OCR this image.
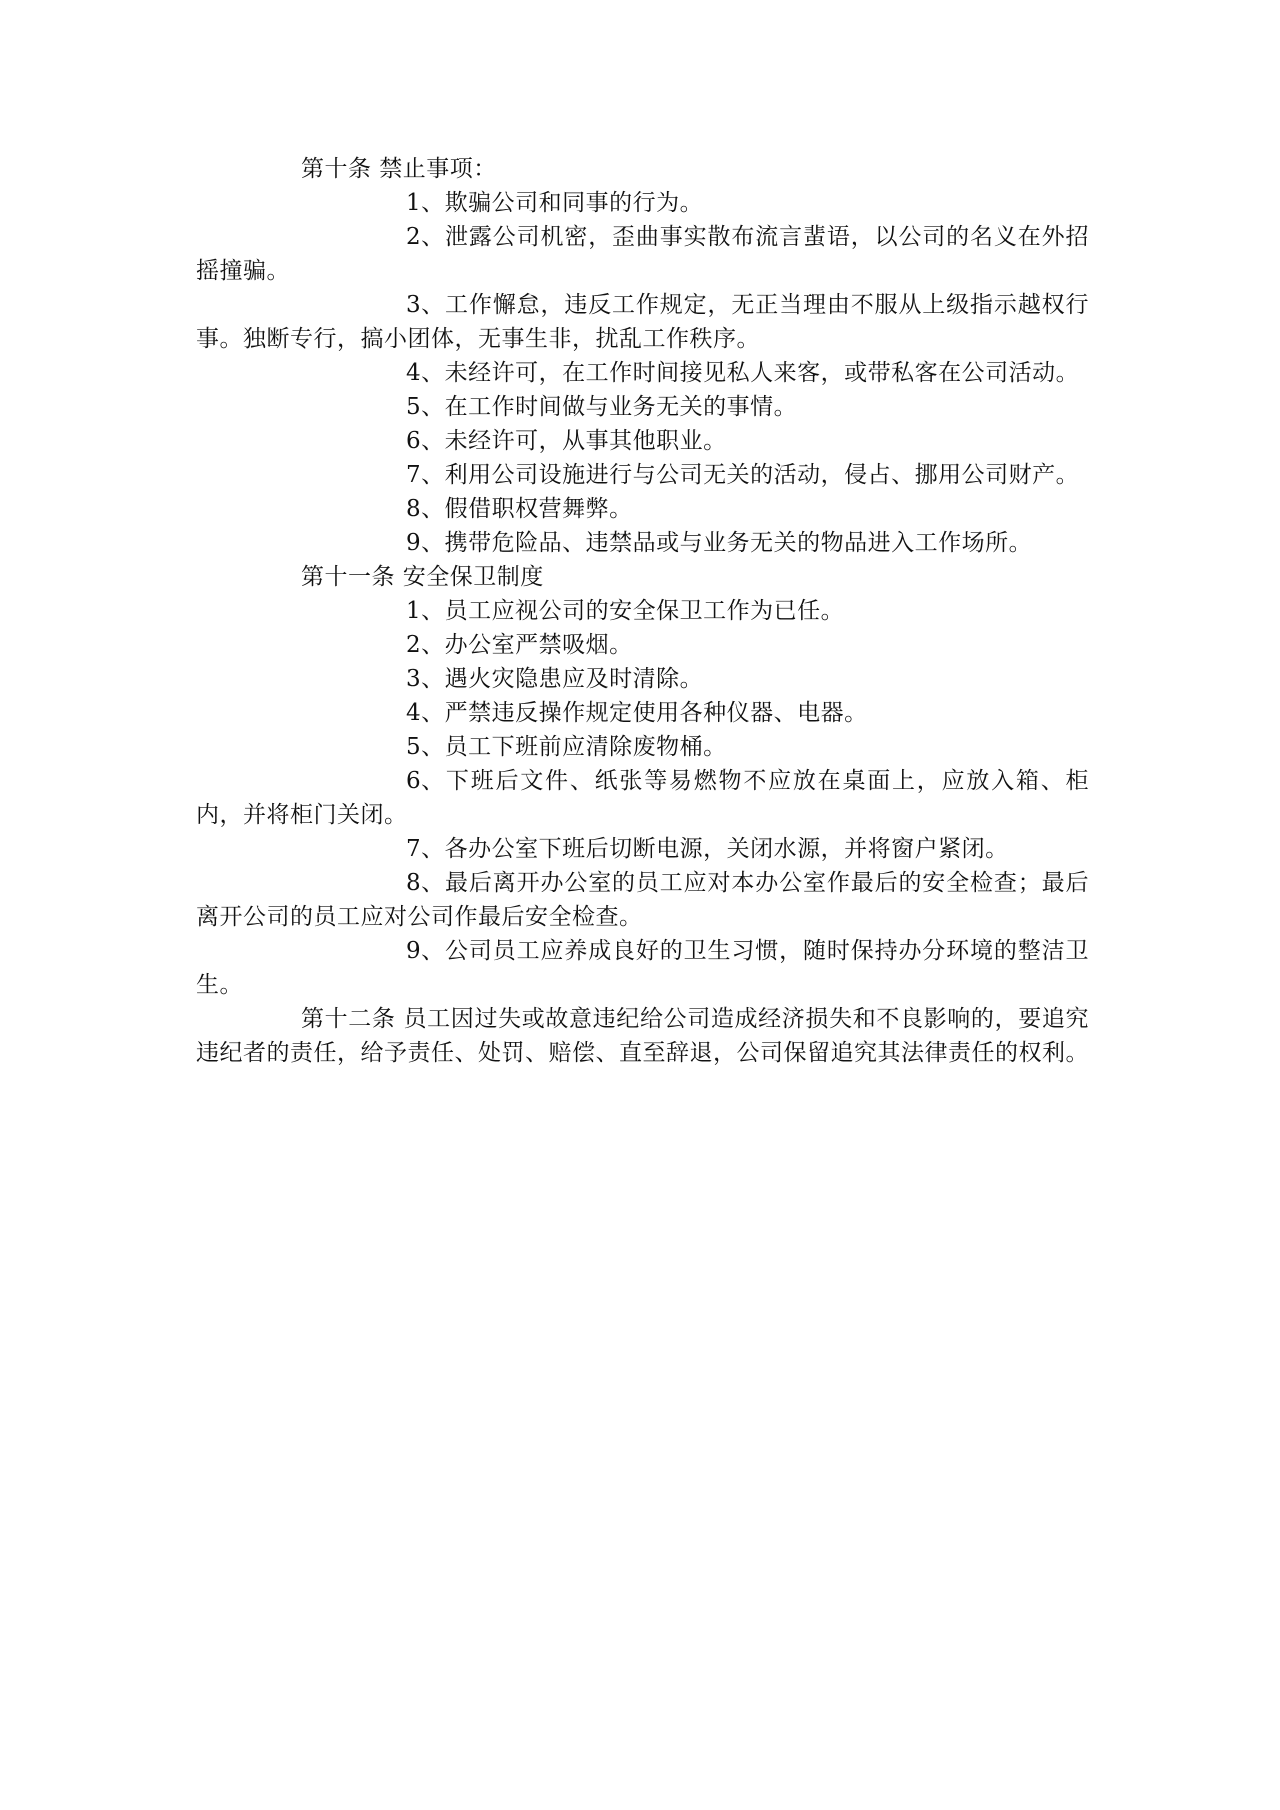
第十条 禁止事项：

1、欺骗公司和同事的行为。

2、泄露公司机密，歪曲事实散布流言蜚语，以公司的名义在外招摇撞骗。

3、工作懈怠，违反工作规定，无正当理由不服从上级指示越权行事。独断专行，搞小团体，无事生非，扰乱工作秩序。

4、未经许可，在工作时间接见私人来客，或带私客在公司活动。

5、在工作时间做与业务无关的事情。

6、未经许可，从事其他职业。

7、利用公司设施进行与公司无关的活动，侵占、挪用公司财产。

8、假借职权营舞弊。

9、携带危险品、违禁品或与业务无关的物品进入工作场所。

第十一条 安全保卫制度

1、员工应视公司的安全保卫工作为已任。

2、办公室严禁吸烟。

3、遇火灾隐患应及时清除。

4、严禁违反操作规定使用各种仪器、电器。

5、员工下班前应清除废物桶。

6、下班后文件、纸张等易燃物不应放在桌面上，应放入箱、柜内，并将柜门关闭。

7、各办公室下班后切断电源，关闭水源，并将窗户紧闭。

8、最后离开办公室的员工应对本办公室作最后的安全检查；最后离开公司的员工应对公司作最后安全检查。

9、公司员工应养成良好的卫生习惯，随时保持办分环境的整洁卫生。

第十二条 员工因过失或故意违纪给公司造成经济损失和不良影响的，要追究违纪者的责任，给予责任、处罚、赔偿、直至辞退，公司保留追究其法律责任的权利。
